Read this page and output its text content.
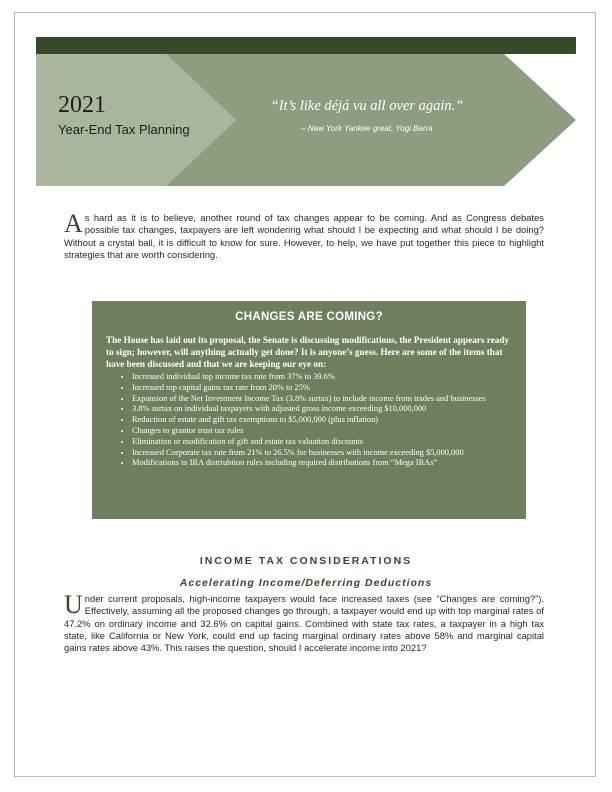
2021

Year-End Tax Planning

“It’s like déjá vu all over again.”

– New York Yankee great, Yogi Berra

As hard as it is to believe, another round of tax changes appear to be coming. And as Congress debates possible tax changes, taxpayers are left wondering what should I be expecting and what should I be doing? Without a crystal ball, it is difficult to know for sure. However, to help, we have put together this piece to highlight strategies that are worth considering.

CHANGES ARE COMING?

The House has laid out its proposal, the Senate is discussing modifications, the President appears ready to sign; however, will anything actually get done? It is anyone’s guess. Here are some of the items that have been discussed and that we are keeping our eye on:

• Increased individual top income tax rate from 37% to 39.6%
• Increased top capital gains tax rate from 20% to 25%
• Expansion of the Net Investment Income Tax (3.8% surtax) to include income from trades and businesses
• 3.8% surtax on individual taxpayers with adjusted gross income exceeding $10,000,000
• Reduction of estate and gift tax exemptions to $5,000,000 (plus inflation)
• Changes to grantor trust tax rules
• Elimination or modification of gift and estate tax valuation discounts
• Increased Corporate tax rate from 21% to 26.5% for businesses with income exceeding $5,000,000
• Modifications to IRA distriubtion rules including required distributions from “Mega IRAs”
INCOME TAX CONSIDERATIONS
Accelerating Income/Deferring Deductions

Under current proposals, high-income taxpayers would face increased taxes (see “Changes are coming?”). Effectively, assuming all the proposed changes go through, a taxpayer would end up with top marginal rates of 47.2% on ordinary income and 32.6% on capital gains. Combined with state tax rates, a taxpayer in a high tax state, like California or New York, could end up facing marginal ordinary rates above 58% and marginal capital gains rates above 43%. This raises the question, should I accelerate income into 2021?
